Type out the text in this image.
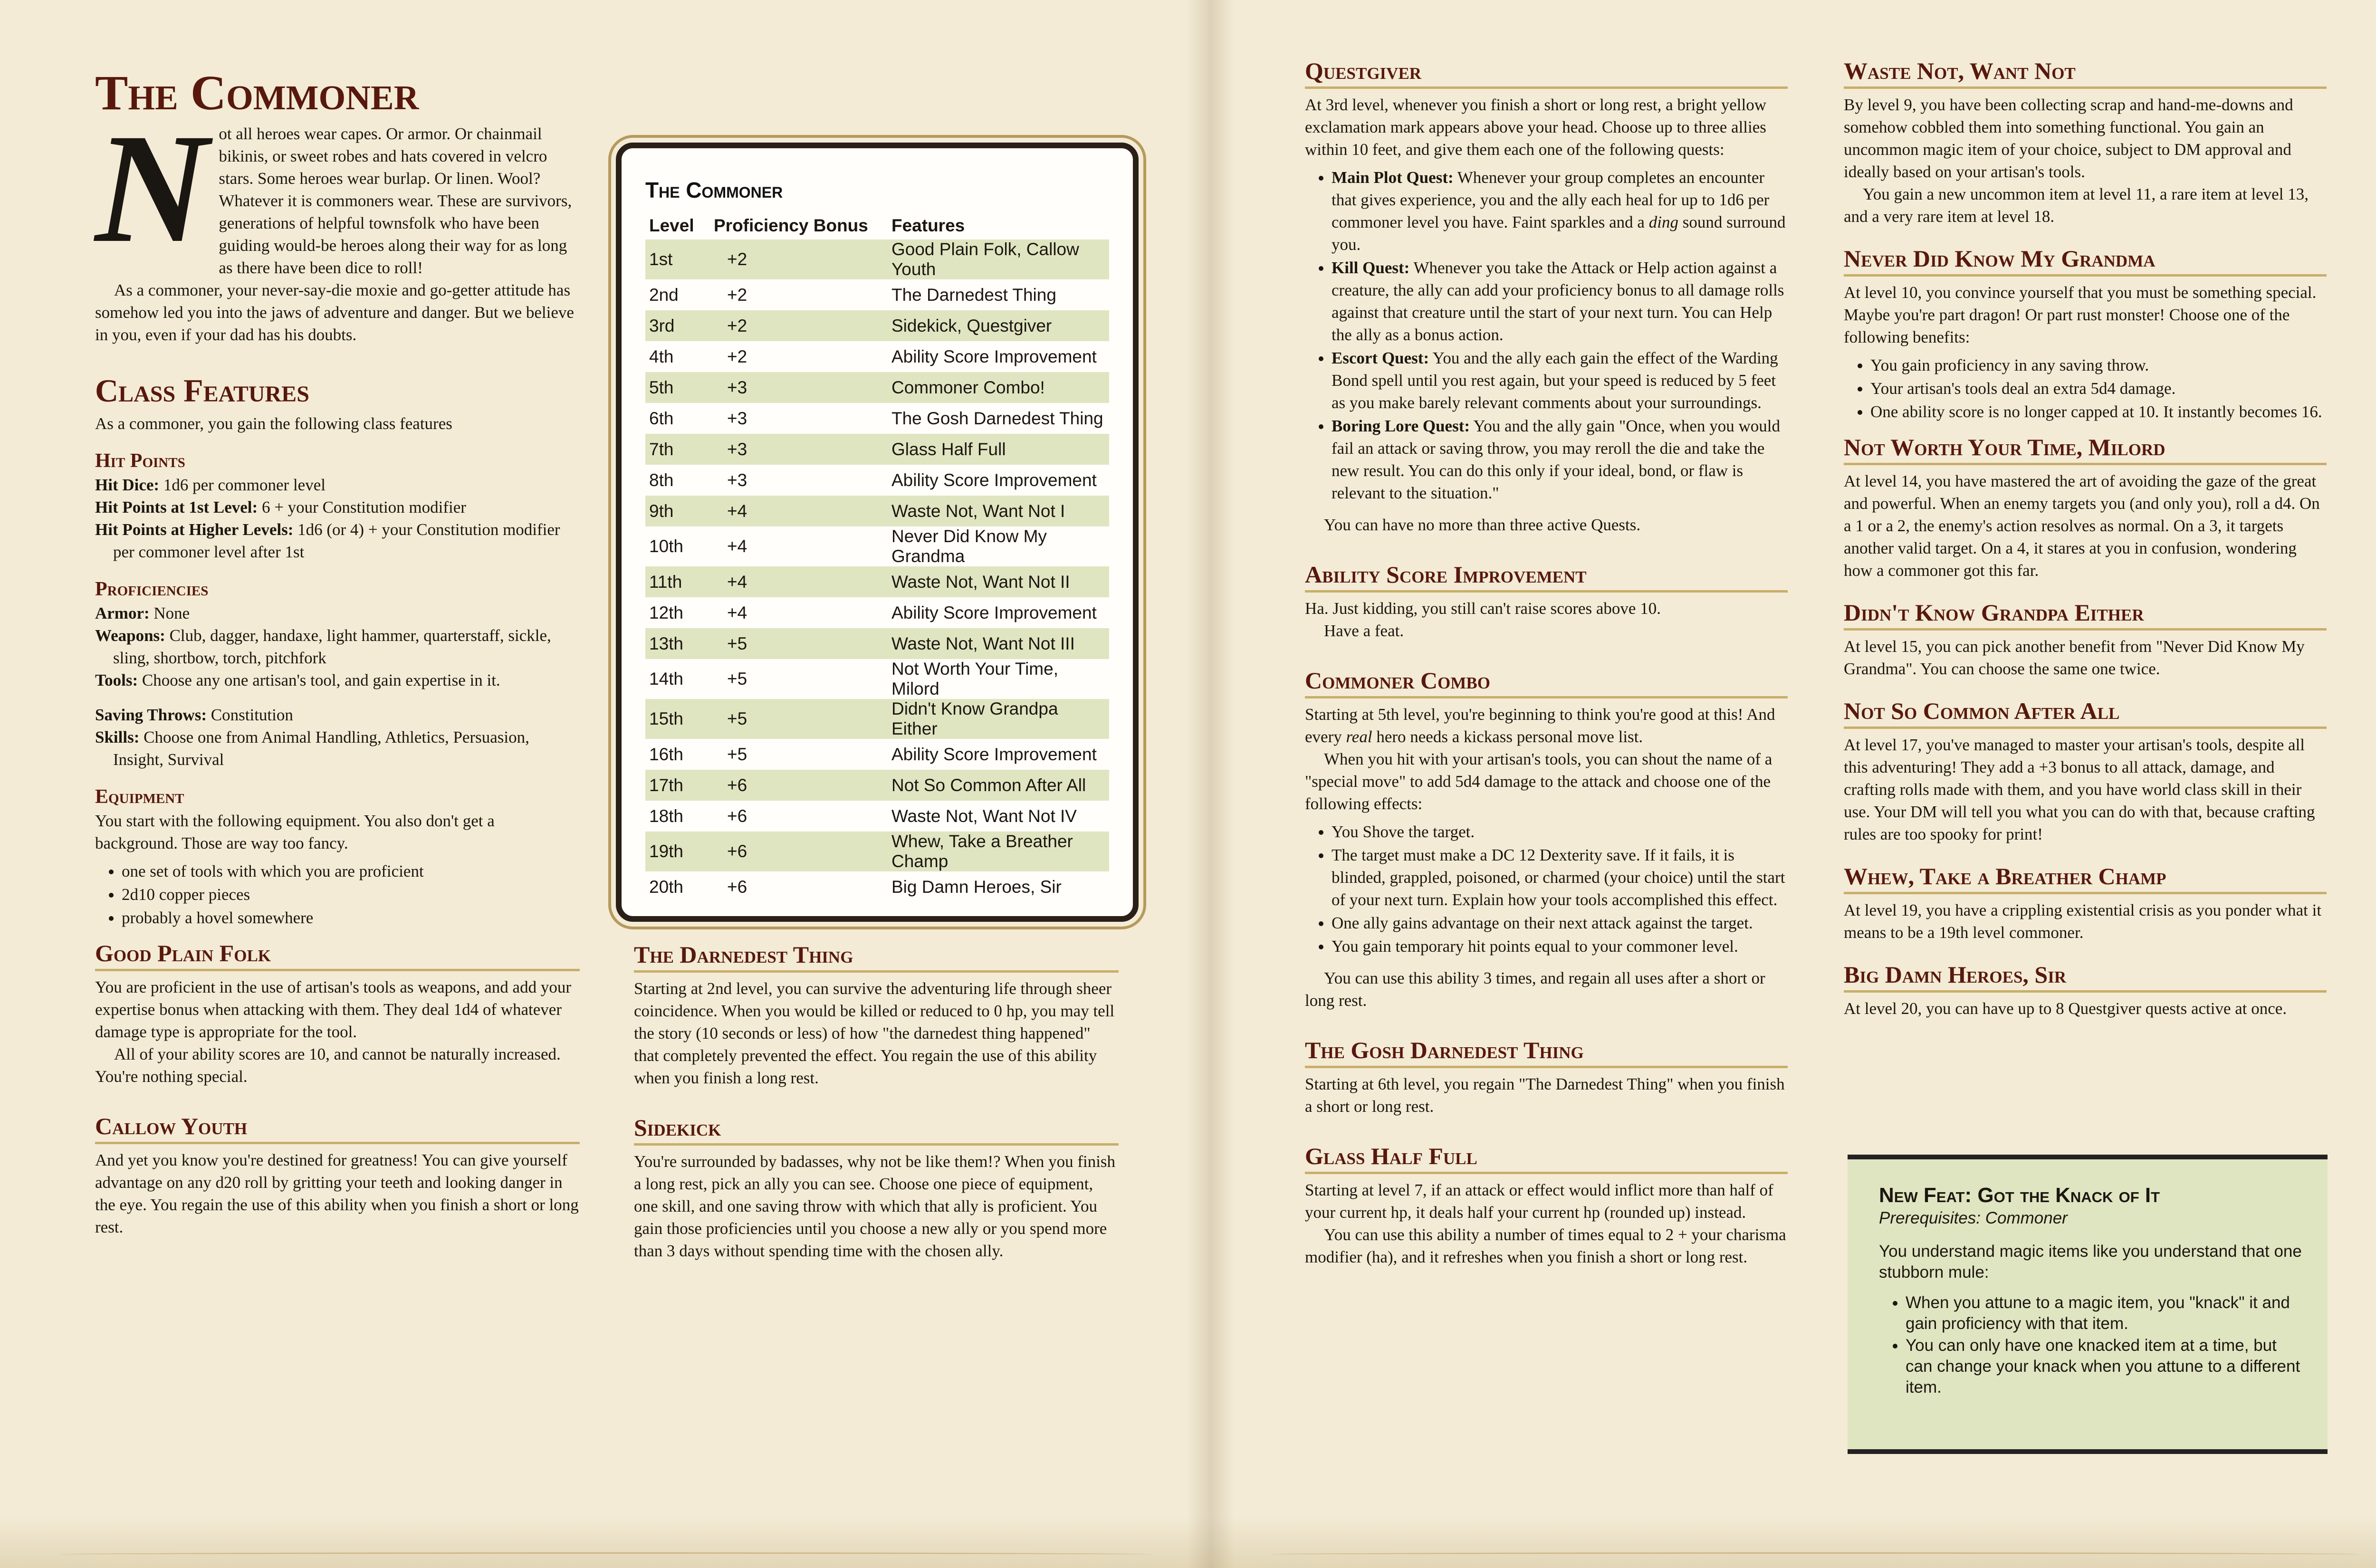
The Commoner

Not all heroes wear capes. Or armor. Or chainmail bikinis, or sweet robes and hats covered in velcro stars. Some heroes wear burlap. Or linen. Wool? Whatever it is commoners wear. These are survivors, generations of helpful townsfolk who have been guiding would-be heroes along their way for as long as there have been dice to roll!

As a commoner, your never-say-die moxie and go-getter attitude has somehow led you into the jaws of adventure and danger. But we believe in you, even if your dad has his doubts.

Class Features

As a commoner, you gain the following class features

Hit Points

Hit Dice: 1d6 per commoner level

Hit Points at 1st Level: 6 + your Constitution modifier

Hit Points at Higher Levels: 1d6 (or 4) + your Constitution modifier per commoner level after 1st

Proficiencies

Armor: None

Weapons: Club, dagger, handaxe, light hammer, quarterstaff, sickle, sling, shortbow, torch, pitchfork

Tools: Choose any one artisan's tool, and gain expertise in it.

Saving Throws: Constitution

Skills: Choose one from Animal Handling, Athletics, Persuasion, Insight, Survival

Equipment

You start with the following equipment. You also don't get a background. Those are way too fancy.

• one set of tools with which you are proficient
• 2d10 copper pieces
• probably a hovel somewhere
Good Plain Folk

You are proficient in the use of artisan's tools as weapons, and add your expertise bonus when attacking with them. They deal 1d4 of whatever damage type is appropriate for the tool.

All of your ability scores are 10, and cannot be naturally increased. You're nothing special.

Callow Youth

And yet you know you're destined for greatness! You can give yourself advantage on any d20 roll by gritting your teeth and looking danger in the eye. You regain the use of this ability when you finish a short or long rest.

The Commoner
Level	Proficiency Bonus	Features
1st	+2	Good Plain Folk, Callow Youth
2nd	+2	The Darnedest Thing
3rd	+2	Sidekick, Questgiver
4th	+2	Ability Score Improvement
5th	+3	Commoner Combo!
6th	+3	The Gosh Darnedest Thing
7th	+3	Glass Half Full
8th	+3	Ability Score Improvement
9th	+4	Waste Not, Want Not I
10th	+4	Never Did Know My Grandma
11th	+4	Waste Not, Want Not II
12th	+4	Ability Score Improvement
13th	+5	Waste Not, Want Not III
14th	+5	Not Worth Your Time, Milord
15th	+5	Didn't Know Grandpa Either
16th	+5	Ability Score Improvement
17th	+6	Not So Common After All
18th	+6	Waste Not, Want Not IV
19th	+6	Whew, Take a Breather Champ
20th	+6	Big Damn Heroes, Sir
The Darnedest Thing

Starting at 2nd level, you can survive the adventuring life through sheer coincidence. When you would be killed or reduced to 0 hp, you may tell the story (10 seconds or less) of how "the darnedest thing happened" that completely prevented the effect. You regain the use of this ability when you finish a long rest.

Sidekick

You're surrounded by badasses, why not be like them!? When you finish a long rest, pick an ally you can see. Choose one piece of equipment, one skill, and one saving throw with which that ally is proficient. You gain those proficiencies until you choose a new ally or you spend more than 3 days without spending time with the chosen ally.

Questgiver

At 3rd level, whenever you finish a short or long rest, a bright yellow exclamation mark appears above your head. Choose up to three allies within 10 feet, and give them each one of the following quests:

• Main Plot Quest: Whenever your group completes an encounter that gives experience, you and the ally each heal for up to 1d6 per commoner level you have. Faint sparkles and a ding sound surround you.
• Kill Quest: Whenever you take the Attack or Help action against a creature, the ally can add your proficiency bonus to all damage rolls against that creature until the start of your next turn. You can Help the ally as a bonus action.
• Escort Quest: You and the ally each gain the effect of the Warding Bond spell until you rest again, but your speed is reduced by 5 feet as you make barely relevant comments about your surroundings.
• Boring Lore Quest: You and the ally gain "Once, when you would fail an attack or saving throw, you may reroll the die and take the new result. You can do this only if your ideal, bond, or flaw is relevant to the situation."

You can have no more than three active Quests.

Ability Score Improvement

Ha. Just kidding, you still can't raise scores above 10.

Have a feat.

Commoner Combo

Starting at 5th level, you're beginning to think you're good at this! And every real hero needs a kickass personal move list.

When you hit with your artisan's tools, you can shout the name of a "special move" to add 5d4 damage to the attack and choose one of the following effects:

• You Shove the target.
• The target must make a DC 12 Dexterity save. If it fails, it is blinded, grappled, poisoned, or charmed (your choice) until the start of your next turn. Explain how your tools accomplished this effect.
• One ally gains advantage on their next attack against the target.
• You gain temporary hit points equal to your commoner level.

You can use this ability 3 times, and regain all uses after a short or long rest.

The Gosh Darnedest Thing

Starting at 6th level, you regain "The Darnedest Thing" when you finish a short or long rest.

Glass Half Full

Starting at level 7, if an attack or effect would inflict more than half of your current hp, it deals half your current hp (rounded up) instead.

You can use this ability a number of times equal to 2 + your charisma modifier (ha), and it refreshes when you finish a short or long rest.

Waste Not, Want Not

By level 9, you have been collecting scrap and hand-me-downs and somehow cobbled them into something functional. You gain an uncommon magic item of your choice, subject to DM approval and ideally based on your artisan's tools.

You gain a new uncommon item at level 11, a rare item at level 13, and a very rare item at level 18.

Never Did Know My Grandma

At level 10, you convince yourself that you must be something special. Maybe you're part dragon! Or part rust monster! Choose one of the following benefits:

• You gain proficiency in any saving throw.
• Your artisan's tools deal an extra 5d4 damage.
• One ability score is no longer capped at 10. It instantly becomes 16.
Not Worth Your Time, Milord

At level 14, you have mastered the art of avoiding the gaze of the great and powerful. When an enemy targets you (and only you), roll a d4. On a 1 or a 2, the enemy's action resolves as normal. On a 3, it targets another valid target. On a 4, it stares at you in confusion, wondering how a commoner got this far.

Didn't Know Grandpa Either

At level 15, you can pick another benefit from "Never Did Know My Grandma". You can choose the same one twice.

Not So Common After All

At level 17, you've managed to master your artisan's tools, despite all this adventuring! They add a +3 bonus to all attack, damage, and crafting rolls made with them, and you have world class skill in their use. Your DM will tell you what you can do with that, because crafting rules are too spooky for print!

Whew, Take a Breather Champ

At level 19, you have a crippling existential crisis as you ponder what it means to be a 19th level commoner.

Big Damn Heroes, Sir

At level 20, you can have up to 8 Questgiver quests active at once.

New Feat: Got the Knack of It
Prerequisites: Commoner

You understand magic items like you understand that one stubborn mule:

• When you attune to a magic item, you "knack" it and gain proficiency with that item.
• You can only have one knacked item at a time, but can change your knack when you attune to a different item.
